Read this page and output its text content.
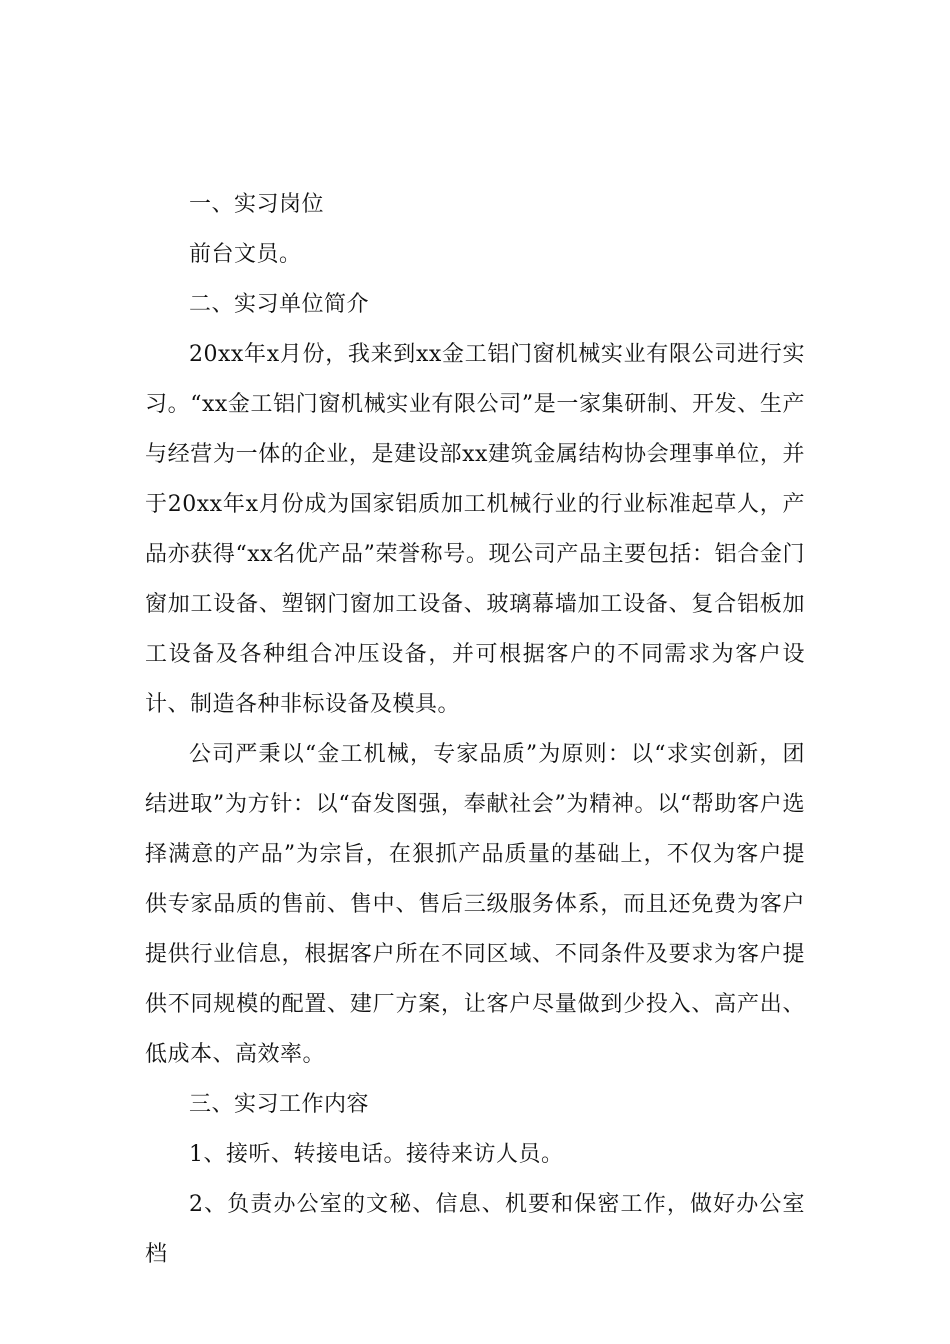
一、实习岗位

前台文员。

二、实习单位简介

20xx年x月份，我来到xx金工铝门窗机械实业有限公司进行实习。“xx金工铝门窗机械实业有限公司”是一家集研制、开发、生产与经营为一体的企业，是建设部xx建筑金属结构协会理事单位，并于20xx年x月份成为国家铝质加工机械行业的行业标准起草人，产品亦获得“xx名优产品”荣誉称号。现公司产品主要包括：铝合金门窗加工设备、塑钢门窗加工设备、玻璃幕墙加工设备、复合铝板加工设备及各种组合冲压设备，并可根据客户的不同需求为客户设计、制造各种非标设备及模具。

公司严秉以“金工机械，专家品质”为原则：以“求实创新，团结进取”为方针：以“奋发图强，奉献社会”为精神。以“帮助客户选择满意的产品”为宗旨，在狠抓产品质量的基础上，不仅为客户提供专家品质的售前、售中、售后三级服务体系，而且还免费为客户提供行业信息，根据客户所在不同区域、不同条件及要求为客户提供不同规模的配置、建厂方案，让客户尽量做到少投入、高产出、低成本、高效率。

三、实习工作内容

1、接听、转接电话。接待来访人员。

2、负责办公室的文秘、信息、机要和保密工作，做好办公室档
